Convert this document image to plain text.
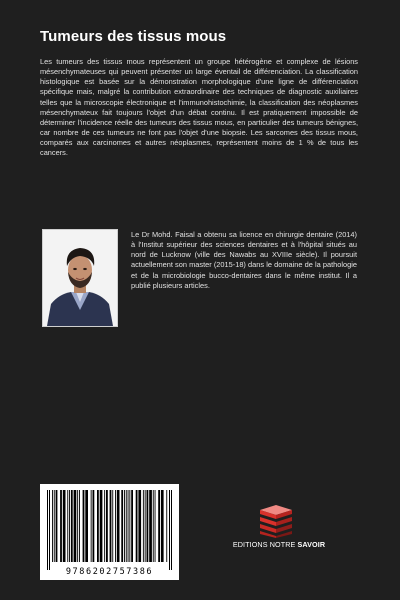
Tumeurs des tissus mous

Les tumeurs des tissus mous représentent un groupe hétérogène et complexe de lésions mésenchymateuses qui peuvent présenter un large éventail de différenciation. La classification histologique est basée sur la démonstration morphologique d'une ligne de différenciation spécifique mais, malgré la contribution extraordinaire des techniques de diagnostic auxiliaires telles que la microscopie électronique et l'immunohistochimie, la classification des néoplasmes mésenchymateux fait toujours l'objet d'un débat continu. Il est pratiquement impossible de déterminer l'incidence réelle des tumeurs des tissus mous, en particulier des tumeurs bénignes, car nombre de ces tumeurs ne font pas l'objet d'une biopsie. Les sarcomes des tissus mous, comparés aux carcinomes et autres néoplasmes, représentent moins de 1 % de tous les cancers.

Le Dr Mohd. Faisal a obtenu sa licence en chirurgie dentaire (2014) à l'Institut supérieur des sciences dentaires et à l'hôpital situés au nord de Lucknow (ville des Nawabs au XVIIIe siècle). Il poursuit actuellement son master (2015-18) dans le domaine de la pathologie et de la microbiologie bucco-dentaires dans le même institut. Il a publié plusieurs articles.

9786202757386
EDITIONS NOTRE SAVOIR
